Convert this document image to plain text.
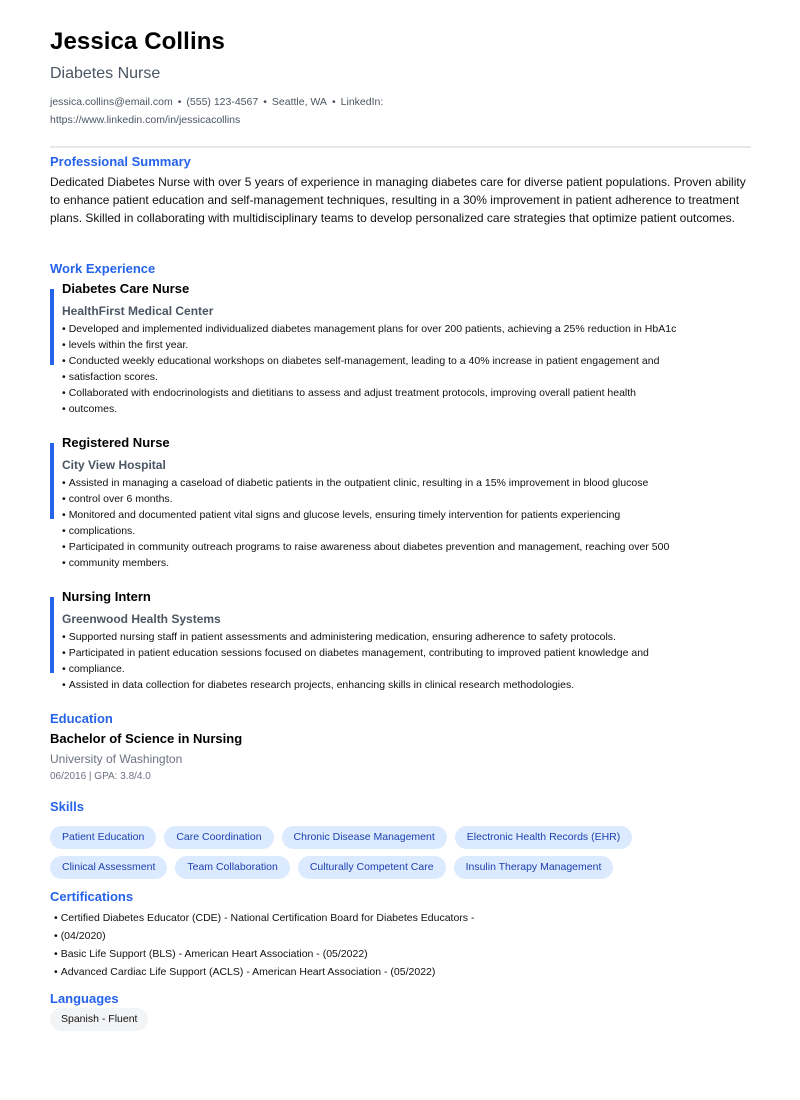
Jessica Collins
Diabetes Nurse
jessica.collins@email.com • (555) 123-4567 • Seattle, WA • LinkedIn:
https://www.linkedin.com/in/jessicacollins
Professional Summary
Dedicated Diabetes Nurse with over 5 years of experience in managing diabetes care for diverse patient populations. Proven ability to enhance patient education and self-management techniques, resulting in a 30% improvement in patient adherence to treatment plans. Skilled in collaborating with multidisciplinary teams to develop personalized care strategies that optimize patient outcomes.
Work Experience
Diabetes Care Nurse
HealthFirst Medical Center
• Developed and implemented individualized diabetes management plans for over 200 patients, achieving a 25% reduction in HbA1c
• levels within the first year.
• Conducted weekly educational workshops on diabetes self-management, leading to a 40% increase in patient engagement and
• satisfaction scores.
• Collaborated with endocrinologists and dietitians to assess and adjust treatment protocols, improving overall patient health
• outcomes.
Registered Nurse
City View Hospital
• Assisted in managing a caseload of diabetic patients in the outpatient clinic, resulting in a 15% improvement in blood glucose
• control over 6 months.
• Monitored and documented patient vital signs and glucose levels, ensuring timely intervention for patients experiencing
• complications.
• Participated in community outreach programs to raise awareness about diabetes prevention and management, reaching over 500
• community members.
Nursing Intern
Greenwood Health Systems
• Supported nursing staff in patient assessments and administering medication, ensuring adherence to safety protocols.
• Participated in patient education sessions focused on diabetes management, contributing to improved patient knowledge and
• compliance.
• Assisted in data collection for diabetes research projects, enhancing skills in clinical research methodologies.
Education
Bachelor of Science in Nursing
University of Washington
06/2016 | GPA: 3.8/4.0
Skills
Patient Education	Care Coordination	Chronic Disease Management	Electronic Health Records (EHR)
Clinical Assessment	Team Collaboration	Culturally Competent Care	Insulin Therapy Management
Certifications
• Certified Diabetes Educator (CDE) - National Certification Board for Diabetes Educators -
• (04/2020)
• Basic Life Support (BLS) - American Heart Association - (05/2022)
• Advanced Cardiac Life Support (ACLS) - American Heart Association - (05/2022)
Languages
Spanish - Fluent
